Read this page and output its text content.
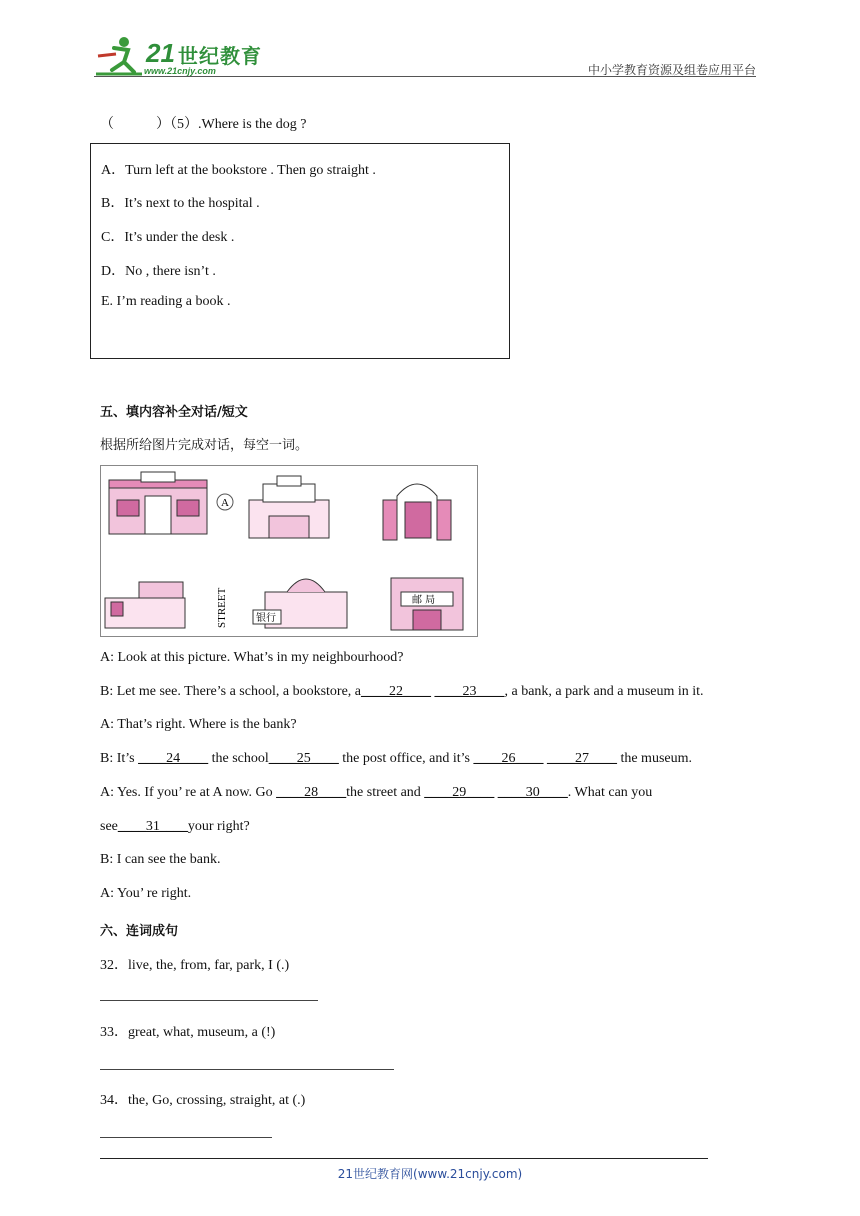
21 世纪教育
www.21cnjy.com	中小学教育资源及组卷应用平台
（　　　）（5）.Where is the dog ?
A．Turn left at the bookstore . Then go straight .
B．It’s next to the hospital .
C．It’s under the desk .
D．No , there isn’t .
E. I’m reading a book .
五、填内容补全对话/短文
根据所给图片完成对话，每空一词。
A
STREET	银行
邮 局
A: Look at this picture. What’s in my neighbourhood?
B: Let me see. There’s a school, a bookstore, a____22____ ____23____, a bank, a park and a museum in it.
A: That’s right. Where is the bank?
B: It’s ____24____ the school____25____ the post office, and it’s ____26____ ____27____ the museum.
A: Yes. If you’ re at A now. Go ____28____the street and ____29____ ____30____. What can you
see____31____your right?
B: I can see the bank.
A: You’ re right.
六、连词成句
32．live, the, from, far, park, I (.)
33．great, what, museum, a (!)
34．the, Go, crossing, straight, at (.)
21世纪教育网(www.21cnjy.com)
